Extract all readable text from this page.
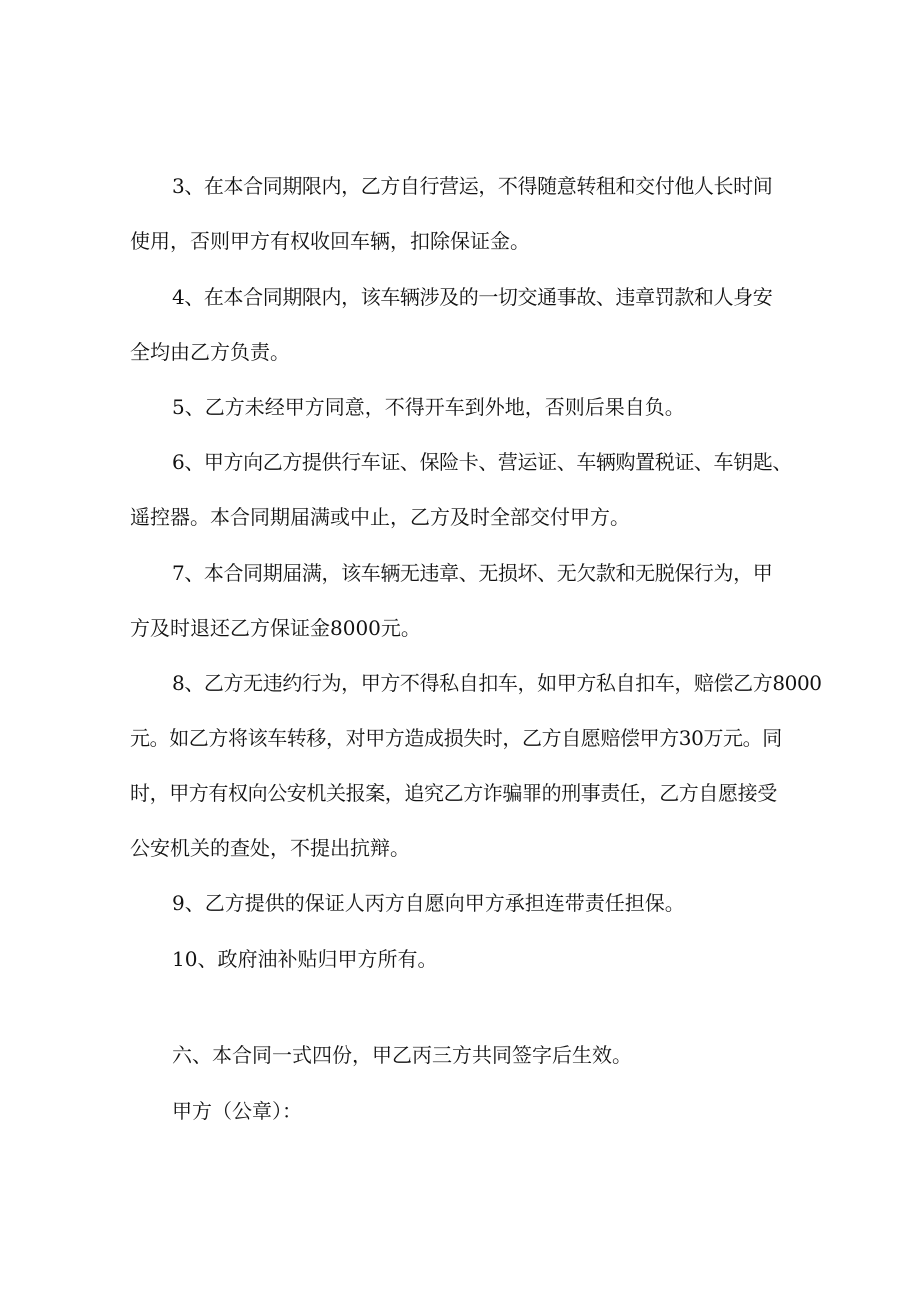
3、在本合同期限内，乙方自行营运，不得随意转租和交付他人长时间
使用，否则甲方有权收回车辆，扣除保证金。
4、在本合同期限内，该车辆涉及的一切交通事故、违章罚款和人身安
全均由乙方负责。
5、乙方未经甲方同意，不得开车到外地，否则后果自负。
6、甲方向乙方提供行车证、保险卡、营运证、车辆购置税证、车钥匙、
遥控器。本合同期届满或中止，乙方及时全部交付甲方。
7、本合同期届满，该车辆无违章、无损坏、无欠款和无脱保行为，甲
方及时退还乙方保证金8000元。
8、乙方无违约行为，甲方不得私自扣车，如甲方私自扣车，赔偿乙方8000
元。如乙方将该车转移，对甲方造成损失时，乙方自愿赔偿甲方30万元。同
时，甲方有权向公安机关报案，追究乙方诈骗罪的刑事责任，乙方自愿接受
公安机关的查处，不提出抗辩。
9、乙方提供的保证人丙方自愿向甲方承担连带责任担保。
10、政府油补贴归甲方所有。
六、本合同一式四份，甲乙丙三方共同签字后生效。
甲方（公章）：
